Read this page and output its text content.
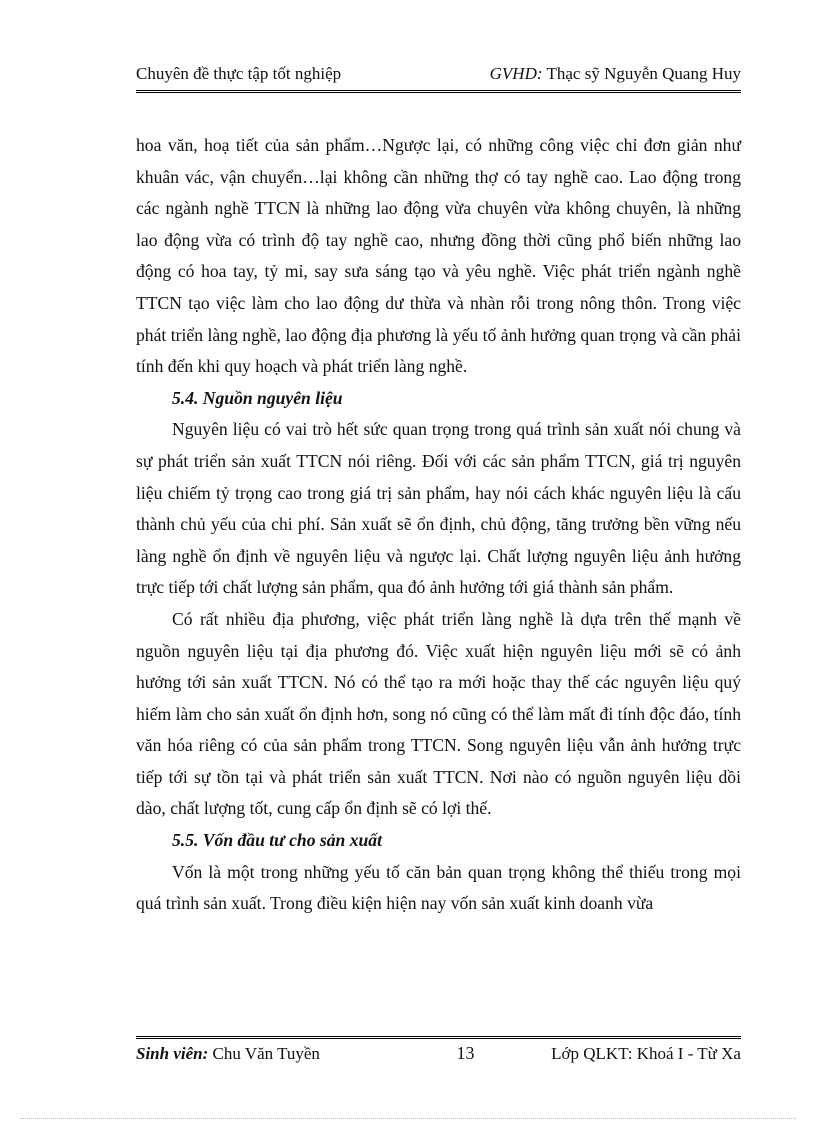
Chuyên đề thực tập tốt nghiệp	GVHD: Thạc sỹ Nguyễn Quang Huy

hoa văn, hoạ tiết của sản phẩm…Ngược lại, có những công việc chỉ đơn giản như khuân vác, vận chuyển…lại không cần những thợ có tay nghề cao. Lao động trong các ngành nghề TTCN là những lao động vừa chuyên vừa không chuyên, là những lao động vừa có trình độ tay nghề cao, nhưng đồng thời cũng phổ biến những lao động có hoa tay, tỷ mỉ, say sưa sáng tạo và yêu nghề. Việc phát triển ngành nghề TTCN tạo việc làm cho lao động dư thừa và nhàn rỗi trong nông thôn. Trong việc phát triển làng nghề, lao động địa phương là yếu tố ảnh hưởng quan trọng và cần phải tính đến khi quy hoạch và phát triển làng nghề.

5.4. Nguồn nguyên liệu

Nguyên liệu có vai trò hết sức quan trọng trong quá trình sản xuất nói chung và sự phát triển sản xuất TTCN nói riêng. Đối với các sản phẩm TTCN, giá trị nguyên liệu chiếm tỷ trọng cao trong giá trị sản phẩm, hay nói cách khác nguyên liệu là cấu thành chủ yếu của chi phí. Sản xuất sẽ ổn định, chủ động, tăng trưởng bền vững nếu làng nghề ổn định về nguyên liệu và ngược lại. Chất lượng nguyên liệu ảnh hưởng trực tiếp tới chất lượng sản phẩm, qua đó ảnh hưởng tới giá thành sản phẩm.

Có rất nhiều địa phương, việc phát triển làng nghề là dựa trên thế mạnh về nguồn nguyên liệu tại địa phương đó. Việc xuất hiện nguyên liệu mới sẽ có ảnh hưởng tới sản xuất TTCN. Nó có thể tạo ra mới hoặc thay thế các nguyên liệu quý hiếm làm cho sản xuất ổn định hơn, song nó cũng có thể làm mất đi tính độc đáo, tính văn hóa riêng có của sản phẩm trong TTCN. Song nguyên liệu vẫn ảnh hưởng trực tiếp tới sự tồn tại và phát triển sản xuất TTCN. Nơi nào có nguồn nguyên liệu dồi dào, chất lượng tốt, cung cấp ổn định sẽ có lợi thế.

5.5. Vốn đầu tư cho sản xuất

Vốn là một trong những yếu tố căn bản quan trọng không thể thiếu trong mọi quá trình sản xuất. Trong điều kiện hiện nay vốn sản xuất kinh doanh vừa

Sinh viên: Chu Văn Tuyền	13	Lớp QLKT: Khoá I - Từ Xa
